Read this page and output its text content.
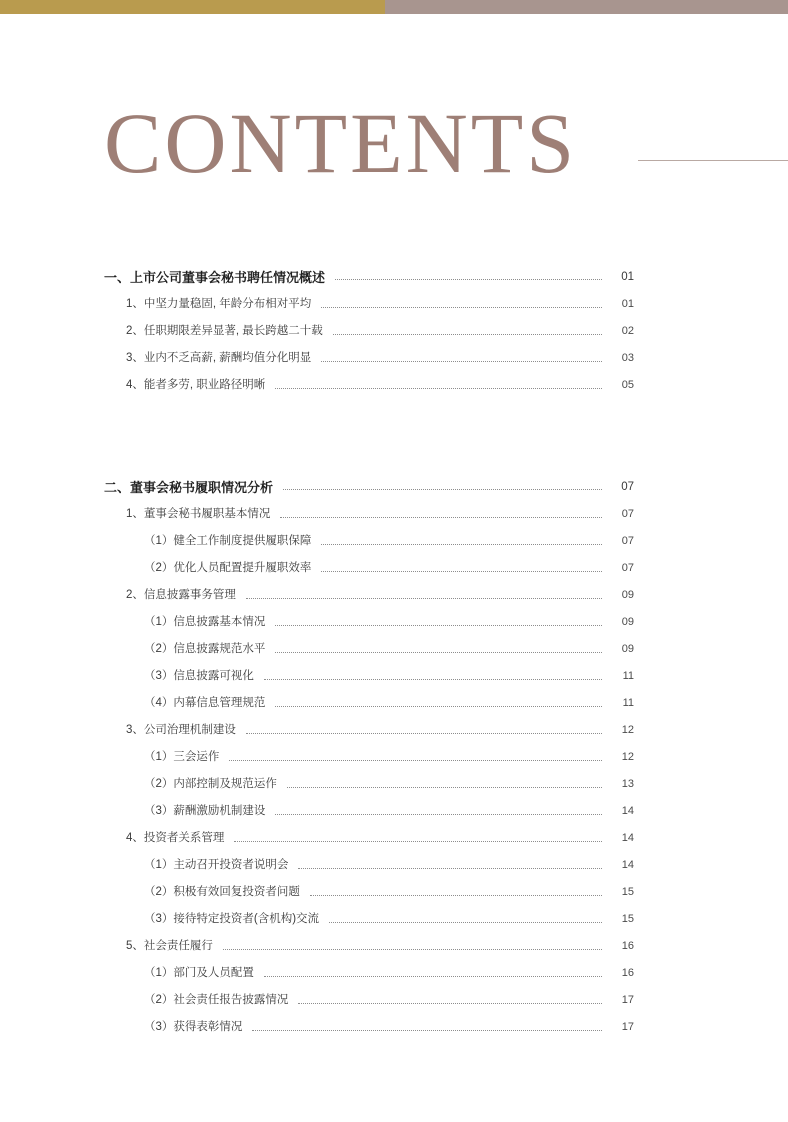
CONTENTS
一、上市公司董事会秘书聘任情况概述	01
1、中坚力量稳固, 年龄分布相对平均	01
2、任职期限差异显著, 最长跨越二十载	02
3、业内不乏高薪, 薪酬均值分化明显	03
4、能者多劳, 职业路径明晰	05
二、董事会秘书履职情况分析	07
1、董事会秘书履职基本情况	07
（1）健全工作制度提供履职保障	07
（2）优化人员配置提升履职效率	07
2、信息披露事务管理	09
（1）信息披露基本情况	09
（2）信息披露规范水平	09
（3）信息披露可视化	11
（4）内幕信息管理规范	11
3、公司治理机制建设	12
（1）三会运作	12
（2）内部控制及规范运作	13
（3）薪酬激励机制建设	14
4、投资者关系管理	14
（1）主动召开投资者说明会	14
（2）积极有效回复投资者问题	15
（3）接待特定投资者(含机构)交流	15
5、社会责任履行	16
（1）部门及人员配置	16
（2）社会责任报告披露情况	17
（3）获得表彰情况	17
